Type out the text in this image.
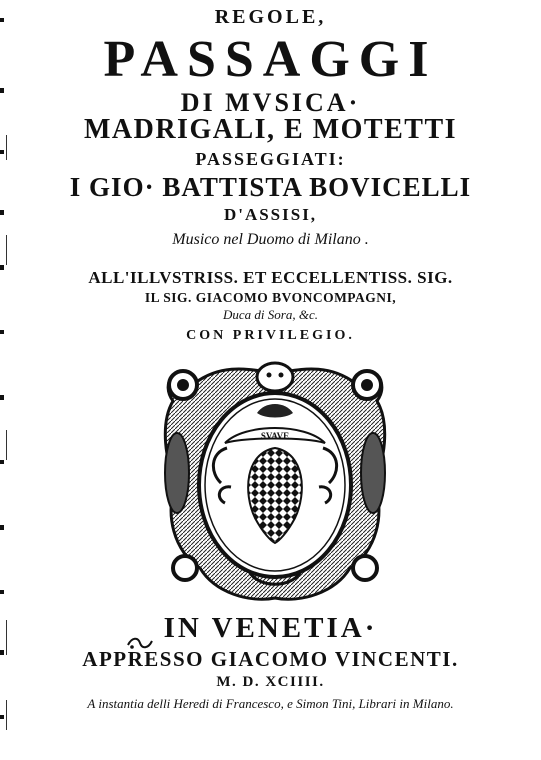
REGOLE,
PASSAGGI
DI MVSICA·
MADRIGALI, E MOTETTI
PASSEGGIATI:
I GIO· BATTISTA BOVICELLI
D'ASSISI,
Musico nel Duomo di Milano .
ALL'ILLVSTRISS. ET ECCELLENTISS. SIG.
IL SIG. GIACOMO BVONCOMPAGNI,
Duca di Sora, &c.
CON PRIVILEGIO.
SVAVE
IN VENETIA·
APPRESSO GIACOMO VINCENTI.
M. D. XCIIII.
A instantia delli Heredi di Francesco, e Simon Tini, Librari in Milano.
